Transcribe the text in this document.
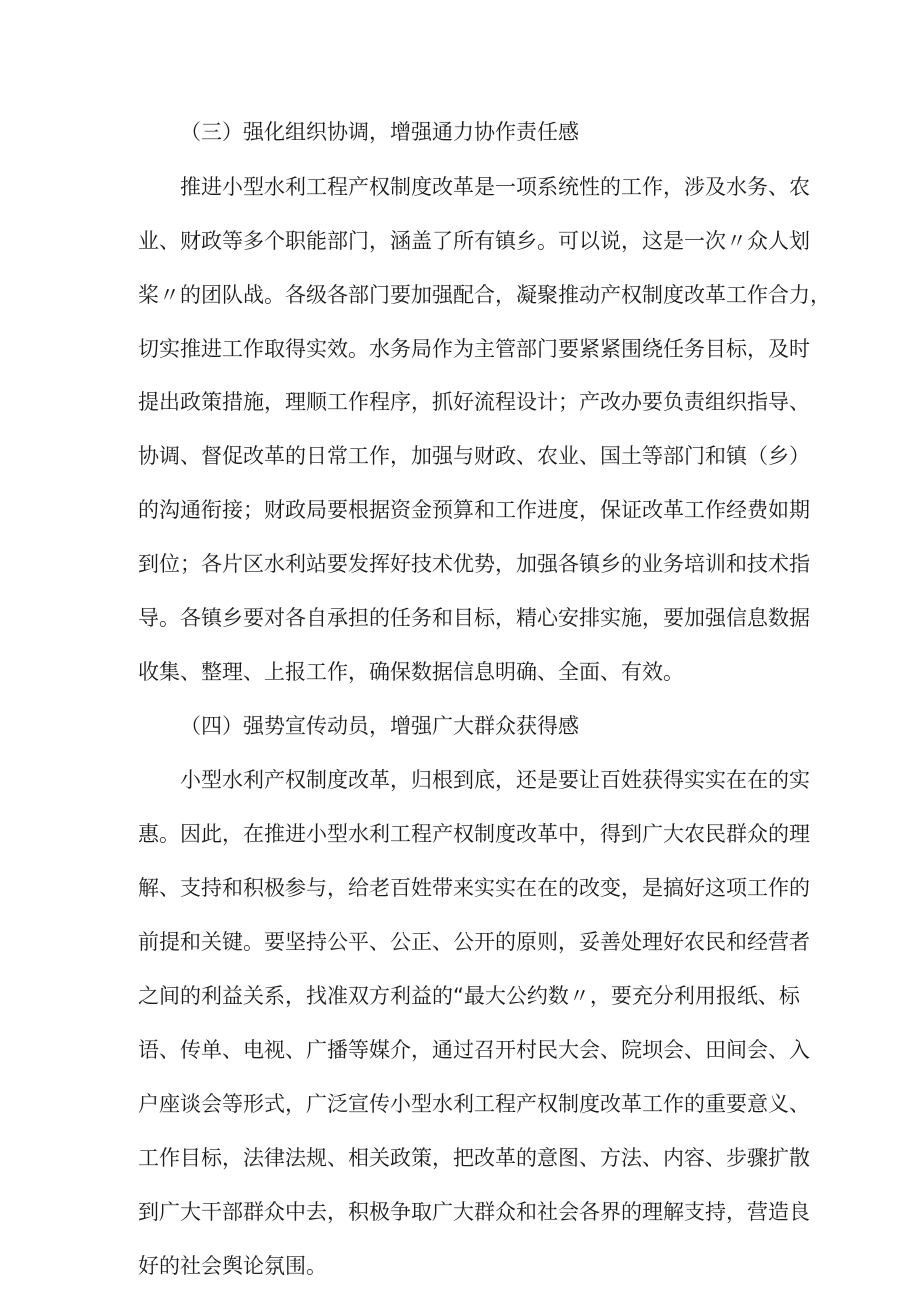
（三）强化组织协调，增强通力协作责任感

推进小型水利工程产权制度改革是一项系统性的工作，涉及水务、农

业、财政等多个职能部门，涵盖了所有镇乡。可以说，这是一次〃众人划

桨〃的团队战。各级各部门要加强配合，凝聚推动产权制度改革工作合力，

切实推进工作取得实效。水务局作为主管部门要紧紧围绕任务目标，及时

提出政策措施，理顺工作程序，抓好流程设计；产改办要负责组织指导、

协调、督促改革的日常工作，加强与财政、农业、国土等部门和镇（乡）

的沟通衔接；财政局要根据资金预算和工作进度，保证改革工作经费如期

到位；各片区水利站要发挥好技术优势，加强各镇乡的业务培训和技术指

导。各镇乡要对各自承担的任务和目标，精心安排实施，要加强信息数据

收集、整理、上报工作，确保数据信息明确、全面、有效。

（四）强势宣传动员，增强广大群众获得感

小型水利产权制度改革，归根到底，还是要让百姓获得实实在在的实

惠。因此，在推进小型水利工程产权制度改革中，得到广大农民群众的理

解、支持和积极参与，给老百姓带来实实在在的改变，是搞好这项工作的

前提和关键。要坚持公平、公正、公开的原则，妥善处理好农民和经营者

之间的利益关系，找准双方利益的“最大公约数〃，要充分利用报纸、标

语、传单、电视、广播等媒介，通过召开村民大会、院坝会、田间会、入

户座谈会等形式，广泛宣传小型水利工程产权制度改革工作的重要意义、

工作目标，法律法规、相关政策，把改革的意图、方法、内容、步骤扩散

到广大干部群众中去，积极争取广大群众和社会各界的理解支持，营造良

好的社会舆论氛围。
